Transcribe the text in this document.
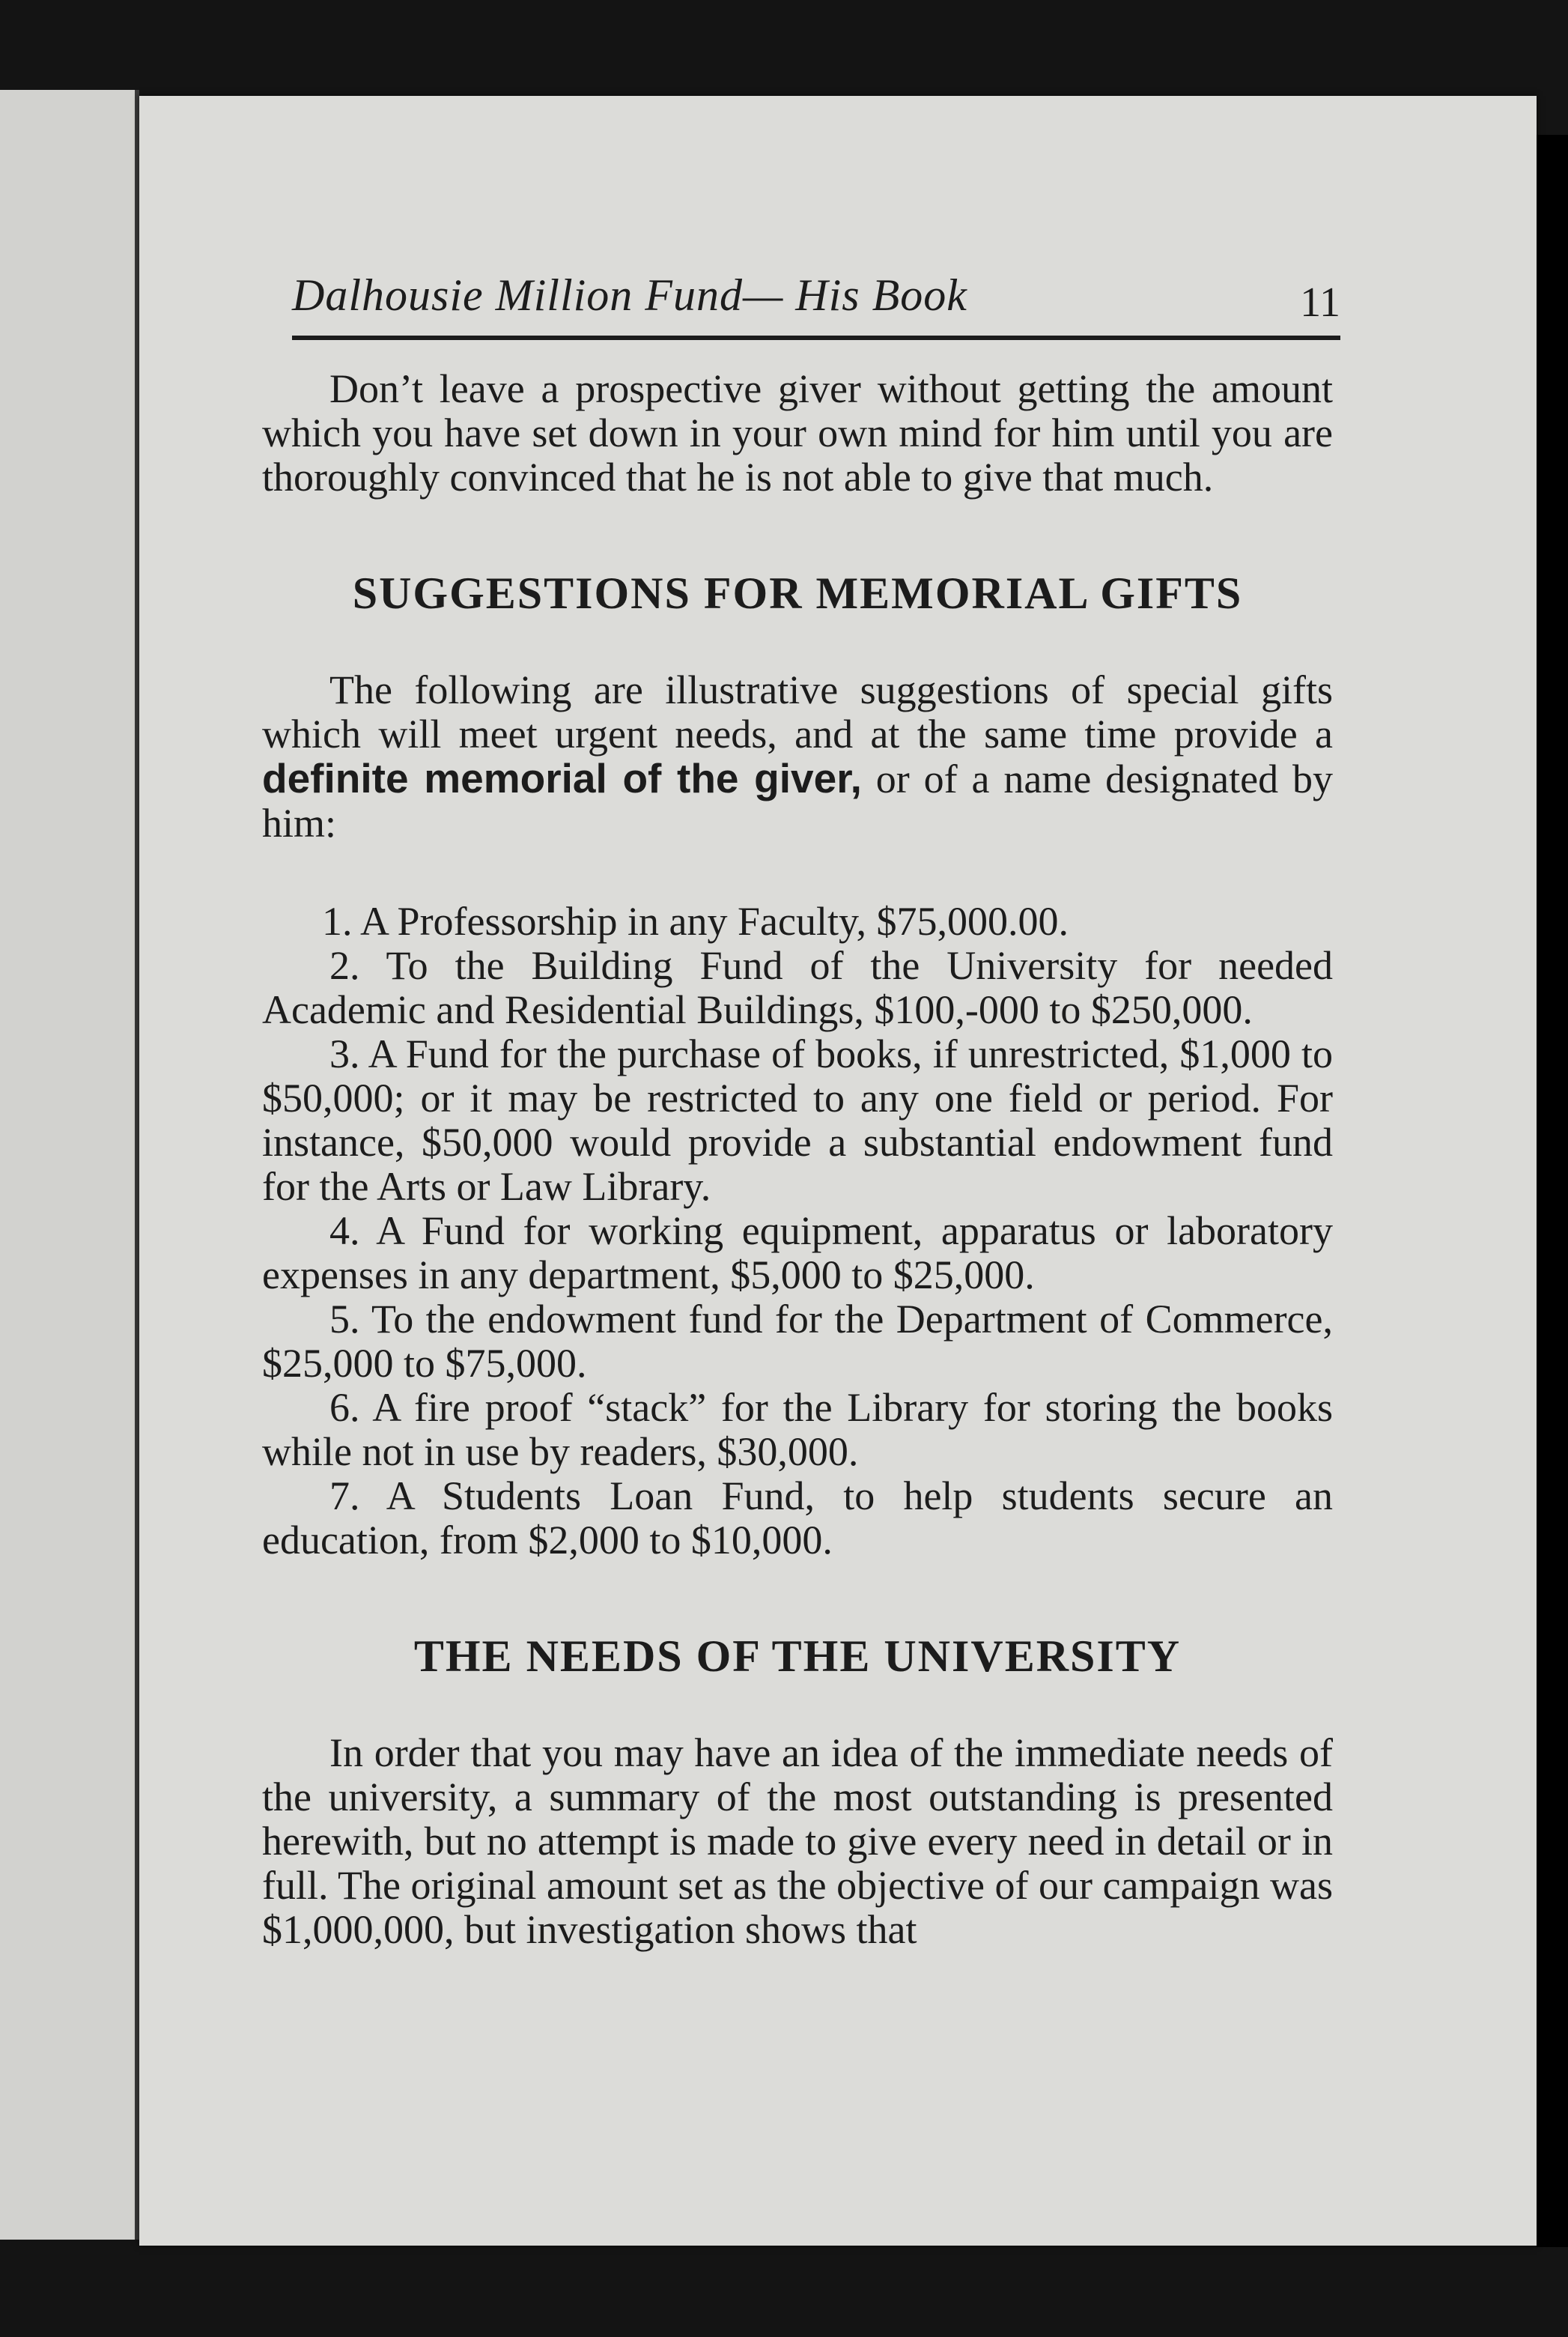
Dalhousie Million Fund— His Book	11

Don’t leave a prospective giver without getting the amount which you have set down in your own mind for him until you are thoroughly convinced that he is not able to give that much.

SUGGESTIONS FOR MEMORIAL GIFTS

The following are illustrative suggestions of special gifts which will meet urgent needs, and at the same time provide a definite memorial of the giver, or of a name designated by him:

1. A Professorship in any Faculty, $75,000.00.

2. To the Building Fund of the University for needed Academic and Residential Buildings, $100,-000 to $250,000.

3. A Fund for the purchase of books, if unrestricted, $1,000 to $50,000; or it may be restricted to any one field or period. For instance, $50,000 would provide a substantial endowment fund for the Arts or Law Library.

4. A Fund for working equipment, apparatus or laboratory expenses in any department, $5,000 to $25,000.

5. To the endowment fund for the Department of Commerce, $25,000 to $75,000.

6. A fire proof “stack” for the Library for storing the books while not in use by readers, $30,000.

7. A Students Loan Fund, to help students secure an education, from $2,000 to $10,000.

THE NEEDS OF THE UNIVERSITY

In order that you may have an idea of the immediate needs of the university, a summary of the most outstanding is presented herewith, but no attempt is made to give every need in detail or in full. The original amount set as the objective of our campaign was $1,000,000, but investigation shows that
